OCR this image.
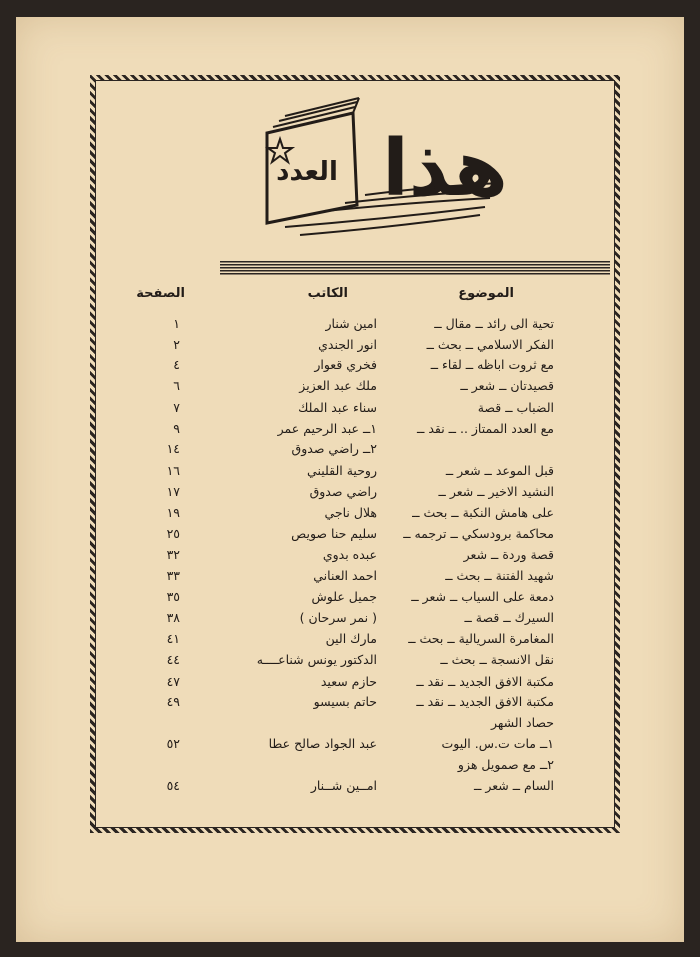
العدد هذا
الموضوع
الكاتب
الصفحة
تحية الى رائد ــ مقال ــ
امين شنار
١
الفكر الاسلامي ــ بحث ــ
انور الجندي
٢
مع ثروت اباظه ــ لقاء ــ
فخري قعوار
٤
قصيدتان ــ شعر ــ
ملك عبد العزيز
٦
الضباب ــ قصة
سناء عبد الملك
٧
مع العدد الممتاز .. ــ نقد ــ
١ــ عبد الرحيم عمر
٩
٢ــ راضي صدوق
١٤
قبل الموعد ــ شعر ــ
روحية القليني
١٦
النشيد الاخير ــ شعر ــ
راضي صدوق
١٧
على هامش النكبة ــ بحث ــ
هلال ناجي
١٩
محاكمة برودسكي ــ ترجمه ــ
سليم حنا صويص
٢٥
قصة وردة ــ شعر
عبده بدوي
٣٢
شهيد الفتنة ــ بحث ــ
احمد العناني
٣٣
دمعة على السياب ــ شعر ــ
جميل علوش
٣٥
السيرك ــ قصة ــ
( نمر سرحان )
٣٨
المغامرة السريالية ــ بحث ــ
مارك الين
٤١
نقل الانسجة ــ بحث ــ
الدكتور يونس شناعــــه
٤٤
مكتبة الافق الجديد ــ نقد ــ
حازم سعيد
٤٧
مكتبة الافق الجديد ــ نقد ــ
حاتم بسيسو
٤٩
حصاد الشهر
١ــ مات ت.س. اليوت
عبد الجواد صالح عطا
٥٢
٢ــ مع صمويل هزو
السام ــ شعر ــ
امــين شــنار
٥٤
